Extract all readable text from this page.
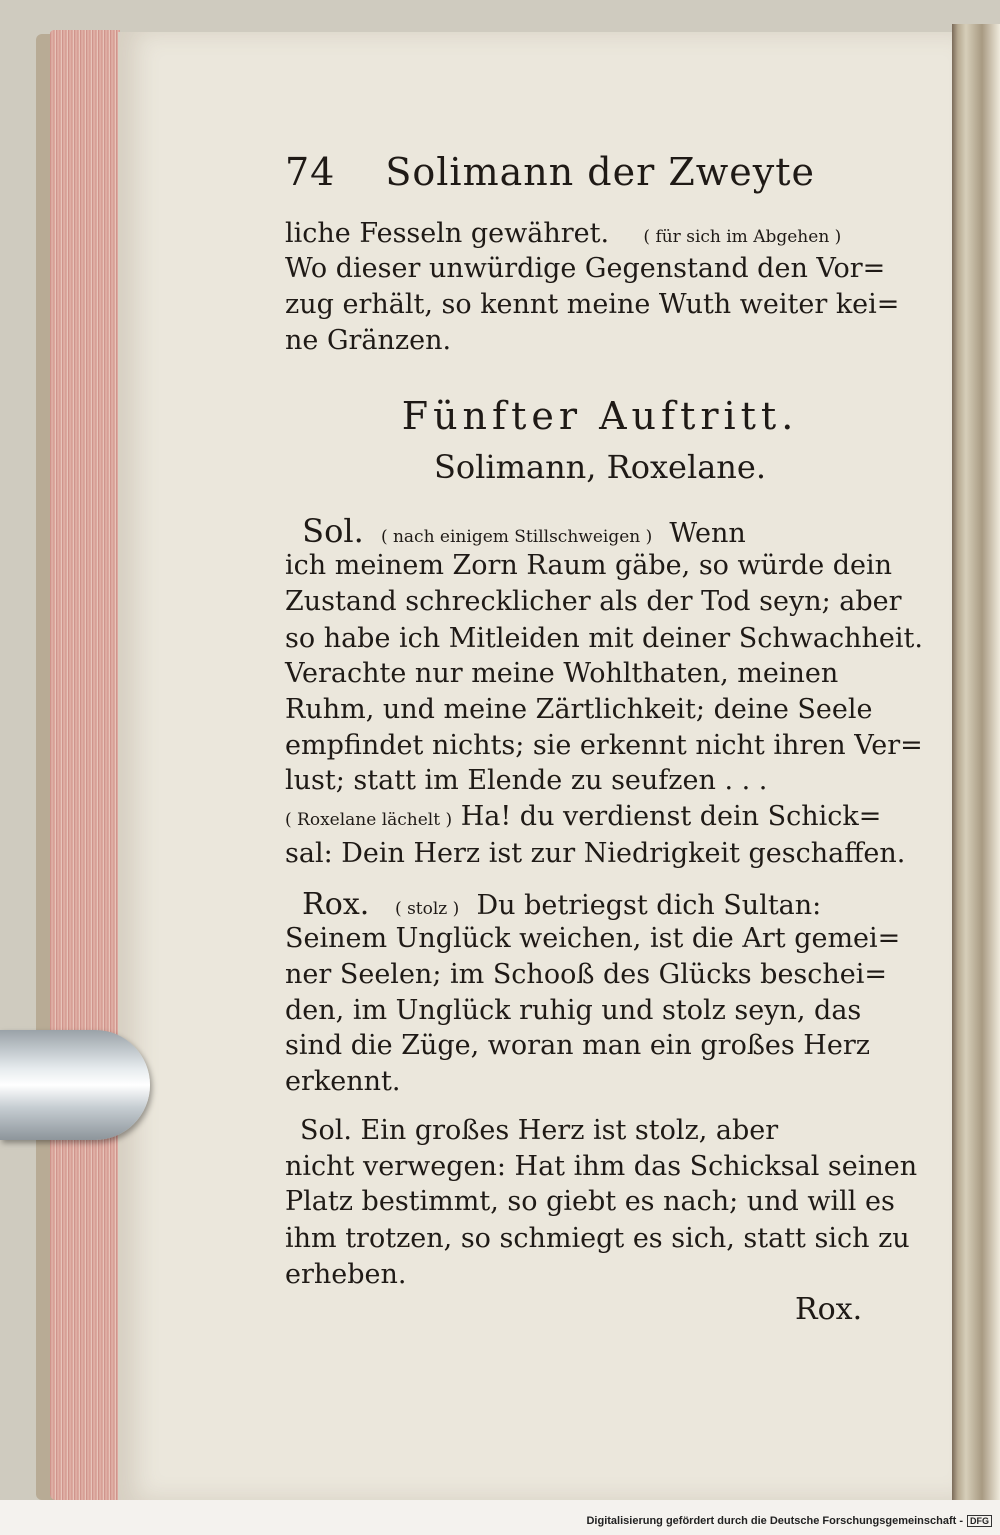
74 Solimann der Zweyte
liche Fesseln gewähret. ( für sich im Abgehen )
Wo dieser unwürdige Gegenstand den Vor=
zug erhält, so kennt meine Wuth weiter kei=
ne Gränzen.
Fünfter Auftritt.
Solimann, Roxelane.
Sol. ( nach einigem Stillschweigen ) Wenn
ich meinem Zorn Raum gäbe, so würde dein
Zustand schrecklicher als der Tod seyn; aber
so habe ich Mitleiden mit deiner Schwachheit.
Verachte nur meine Wohlthaten, meinen
Ruhm, und meine Zärtlichkeit; deine Seele
empfindet nichts; sie erkennt nicht ihren Ver=
lust; statt im Elende zu seufzen . . .
( Roxelane lächelt ) Ha! du verdienst dein Schick=
sal: Dein Herz ist zur Niedrigkeit geschaffen.
Rox. ( stolz ) Du betriegst dich Sultan:
Seinem Unglück weichen, ist die Art gemei=
ner Seelen; im Schooß des Glücks beschei=
den, im Unglück ruhig und stolz seyn, das
sind die Züge, woran man ein großes Herz
erkennt.
Sol. Ein großes Herz ist stolz, aber
nicht verwegen: Hat ihm das Schicksal seinen
Platz bestimmt, so giebt es nach; und will es
ihm trotzen, so schmiegt es sich, statt sich zu
erheben.
Rox.
Digitalisierung gefördert durch die Deutsche Forschungsgemeinschaft - DFG
